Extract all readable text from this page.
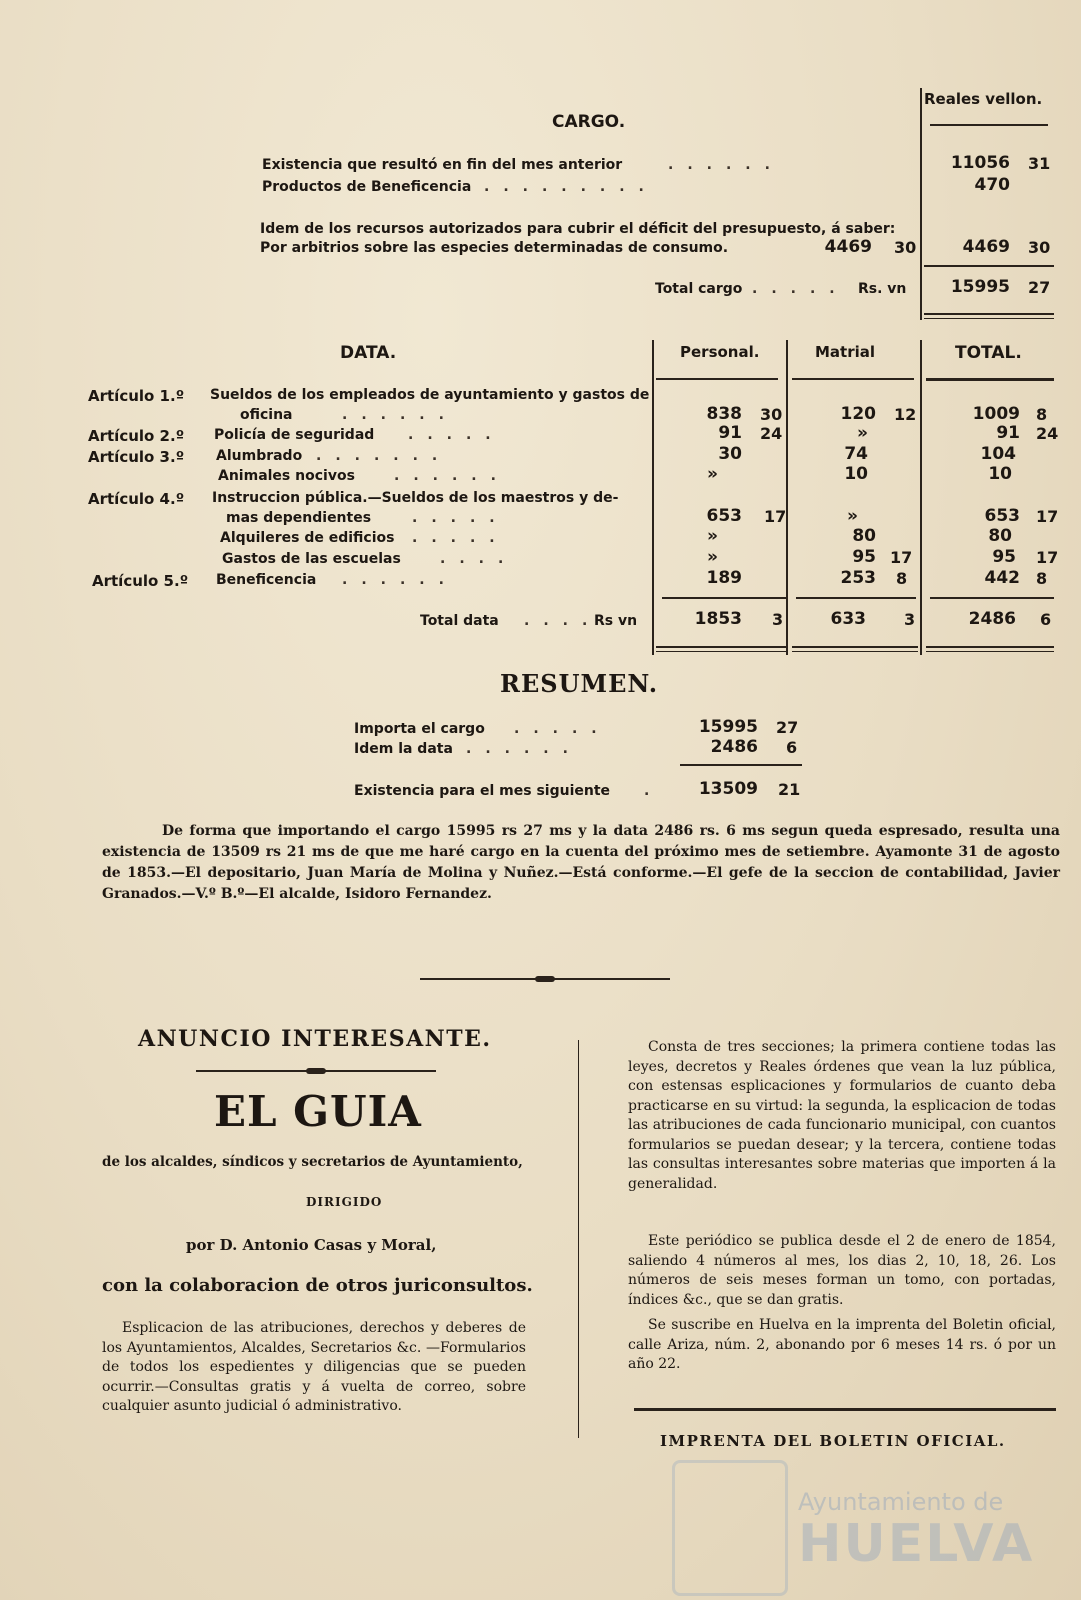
CARGO.
Reales vellon.
Existencia que resultó en fin del mes anterior	......	11056 31
Productos de Beneficencia .........	470
Idem de los recursos autorizados para cubrir el déficit del presupuesto, á saber:
Por arbitrios sobre las especies determinadas de consumo.	4469 30	4469 30
Total cargo ..... Rs. vn	15995 27
DATA.	Personal.	Matrial	TOTAL.
Artículo 1.º Sueldos de los empleados de ayuntamiento y gastos de
oficina	......	838 30	120 12	1009 8
Artículo 2.º Policía de seguridad .....	91 24	»	91 24
Artículo 3.º Alumbrado .......	30	74	104
Animales nocivos	......	»	10	10
Artículo 4.º Instruccion pública.—Sueldos de los maestros y de-
mas dependientes	.....	653 17	»	653 17
Alquileres de edificios .....	»	80	80
Gastos de las escuelas	....	»	95 17	95 17
Artículo 5.º Beneficencia ......	189	253 8	442 8
Total data ....
Rs vn	1853 3	633 3	2486 6
RESUMEN.
Importa el cargo .....	15995 27
Idem la data ......	2486 6
Existencia para el mes siguiente .	13509 21
De forma que importando el cargo 15995 rs 27 ms y la data 2486 rs. 6 ms segun queda espresado, resulta una existencia de 13509 rs 21 ms de que me haré cargo en la cuenta del próximo mes de setiembre. Ayamonte 31 de agosto de 1853.—El depositario, Juan María de Molina y Nuñez.—Está conforme.—El gefe de la seccion de contabilidad, Javier Granados.—V.º B.º—El alcalde, Isidoro Fernandez.
ANUNCIO INTERESANTE.
EL GUIA
de los alcaldes, síndicos y secretarios de Ayuntamiento,
DIRIGIDO
por D. Antonio Casas y Moral,
con la colaboracion de otros juriconsultos.
Esplicacion de las atribuciones, derechos y deberes de los Ayuntamientos, Alcaldes, Secretarios &c. —Formularios de todos los espedientes y diligencias que se pueden ocurrir.—Consultas gratis y á vuelta de correo, sobre cualquier asunto judicial ó administrativo.
Consta de tres secciones; la primera contiene todas las leyes, decretos y Reales órdenes que vean la luz pública, con estensas esplicaciones y formularios de cuanto deba practicarse en su virtud: la segunda, la esplicacion de todas las atribuciones de cada funcionario municipal, con cuantos formularios se puedan desear; y la tercera, contiene todas las consultas interesantes sobre materias que importen á la generalidad.
Este periódico se publica desde el 2 de enero de 1854, saliendo 4 números al mes, los dias 2, 10, 18, 26. Los números de seis meses forman un tomo, con portadas, índices &c., que se dan gratis.
Se suscribe en Huelva en la imprenta del Boletin oficial, calle Ariza, núm. 2, abonando por 6 meses 14 rs. ó por un año 22.
IMPRENTA DEL BOLETIN OFICIAL.
Ayuntamiento de
HUELVA
